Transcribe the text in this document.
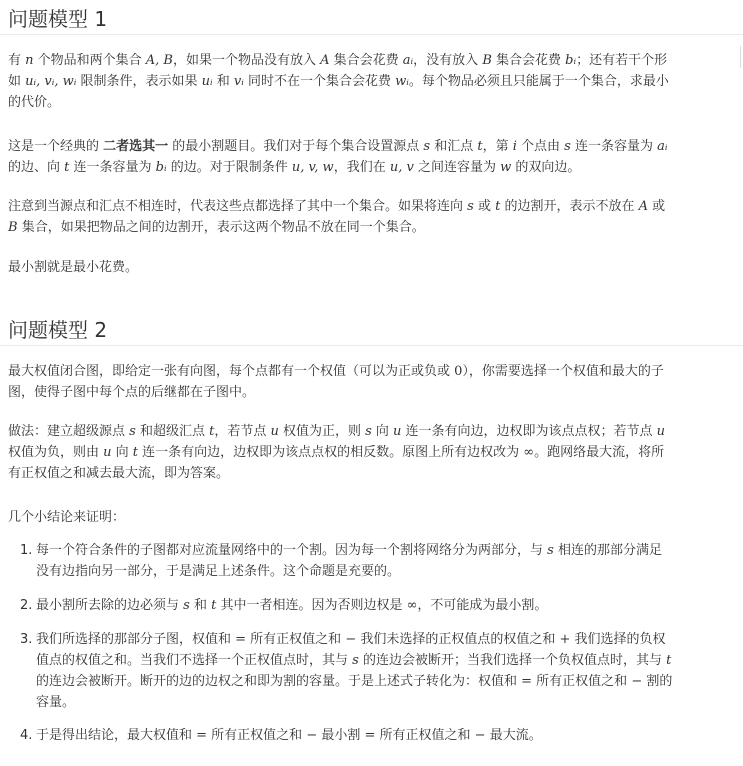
问题模型 1

有 n 个物品和两个集合 A, B，如果一个物品没有放入 A 集合会花费 aᵢ，没有放入 B 集合会花费 bᵢ；还有若干个形
如 uᵢ, vᵢ, wᵢ 限制条件，表示如果 uᵢ 和 vᵢ 同时不在一个集合会花费 wᵢ。每个物品必须且只能属于一个集合，求最小
的代价。

这是一个经典的 二者选其一 的最小割题目。我们对于每个集合设置源点 s 和汇点 t，第 i 个点由 s 连一条容量为 aᵢ
的边、向 t 连一条容量为 bᵢ 的边。对于限制条件 u, v, w，我们在 u, v 之间连容量为 w 的双向边。

注意到当源点和汇点不相连时，代表这些点都选择了其中一个集合。如果将连向 s 或 t 的边割开，表示不放在 A 或
B 集合，如果把物品之间的边割开，表示这两个物品不放在同一个集合。

最小割就是最小花费。

问题模型 2

最大权值闭合图，即给定一张有向图，每个点都有一个权值（可以为正或负或 0），你需要选择一个权值和最大的子
图，使得子图中每个点的后继都在子图中。

做法：建立超级源点 s 和超级汇点 t，若节点 u 权值为正，则 s 向 u 连一条有向边，边权即为该点点权；若节点 u
权值为负，则由 u 向 t 连一条有向边，边权即为该点点权的相反数。原图上所有边权改为 ∞。跑网络最大流，将所
有正权值之和减去最大流，即为答案。

几个小结论来证明：

1. 每一个符合条件的子图都对应流量网络中的一个割。因为每一个割将网络分为两部分，与 s 相连的那部分满足
没有边指向另一部分，于是满足上述条件。这个命题是充要的。
2. 最小割所去除的边必须与 s 和 t 其中一者相连。因为否则边权是 ∞，不可能成为最小割。
3. 我们所选择的那部分子图，权值和 = 所有正权值之和 − 我们未选择的正权值点的权值之和 + 我们选择的负权
值点的权值之和。当我们不选择一个正权值点时，其与 s 的连边会被断开；当我们选择一个负权值点时，其与 t
的连边会被断开。断开的边的边权之和即为割的容量。于是上述式子转化为：权值和 = 所有正权值之和 − 割的
容量。
4. 于是得出结论，最大权值和 = 所有正权值之和 − 最小割 = 所有正权值之和 − 最大流。
